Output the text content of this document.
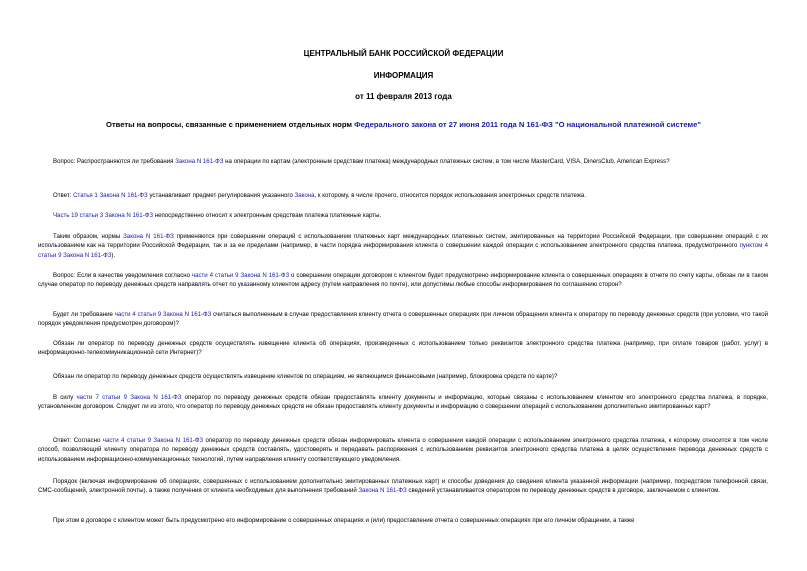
ЦЕНТРАЛЬНЫЙ БАНК РОССИЙСКОЙ ФЕДЕРАЦИИ
ИНФОРМАЦИЯ
от 11 февраля 2013 года
Ответы на вопросы, связанные с применением отдельных норм Федерального закона от 27 июня 2011 года N 161-ФЗ "О национальной платежной системе"
Вопрос: Распространяются ли требования Закона N 161-ФЗ на операции по картам (электронным средствам платежа) международных платежных систем, в том числе MasterCard, VISA, DinersClub, American Express?
Ответ: Статья 1 Закона N 161-ФЗ устанавливает предмет регулирования указанного Закона, к которому, в числе прочего, относится порядок использования электронных средств платежа.
Часть 19 статьи 3 Закона N 161-ФЗ непосредственно относит к электронным средствам платежа платежные карты.
Таким образом, нормы Закона N 161-ФЗ применяются при совершении операций с использованием платежных карт международных платежных систем, эмитированных на территории Российской Федерации, при совершении операций с их использованием как на территории Российской Федерации, так и за ее пределами (например, в части порядка информирования клиента о совершении каждой операции с использованием электронного средства платежа, предусмотренного пунктом 4 статьи 9 Закона N 161-ФЗ).
Вопрос: Если в качестве уведомления согласно части 4 статьи 9 Закона N 161-ФЗ о совершении операции договором с клиентом будет предусмотрено информирование клиента о совершенных операциях в отчете по счету карты, обязан ли в таком случае оператор по переводу денежных средств направлять отчет по указанному клиентом адресу (путем направления по почте), или допустимы любые способы информирования по соглашению сторон?
Будет ли требование части 4 статьи 9 Закона N 161-ФЗ считаться выполненным в случае предоставления клиенту отчета о совершенных операциях при личном обращении клиента к оператору по переводу денежных средств (при условии, что такой порядок уведомления предусмотрен договором)?
Обязан ли оператор по переводу денежных средств осуществлять извещение клиента об операциях, произведенных с использованием только реквизитов электронного средства платежа (например, при оплате товаров (работ, услуг) в информационно-телекоммуникационной сети Интернет)?
Обязан ли оператор по переводу денежных средств осуществлять извещение клиентов по операциям, не являющимся финансовыми (например, блокировка средств по карте)?
В силу части 7 статьи 9 Закона N 161-ФЗ оператор по переводу денежных средств обязан предоставлять клиенту документы и информацию, которые связаны с использованием клиентом его электронного средства платежа, в порядке, установленном договором. Следует ли из этого, что оператор по переводу денежных средств не обязан предоставлять клиенту документы и информацию о совершении операций с использованием дополнительно эмитированных карт?
Ответ: Согласно части 4 статьи 9 Закона N 161-ФЗ оператор по переводу денежных средств обязан информировать клиента о совершении каждой операции с использованием электронного средства платежа, к которому относится в том числе способ, позволяющий клиенту оператора по переводу денежных средств составлять, удостоверять и передавать распоряжения с использованием реквизитов электронного средства платежа в целях осуществления перевода денежных средств с использованием информационно-коммуникационных технологий, путем направления клиенту соответствующего уведомления.
Порядок (включая информирование об операциях, совершенных с использованием дополнительно эмитированных платежных карт) и способы доведения до сведения клиента указанной информации (например, посредством телефонной связи, СМС-сообщений, электронной почты), а также получения от клиента необходимых для выполнения требований Закона N 161-ФЗ сведений устанавливается оператором по переводу денежных средств в договоре, заключаемом с клиентом.
При этом в договоре с клиентом может быть предусмотрено его информирование о совершенных операциях и (или) предоставление отчета о совершенных операциях при его личном обращении, а также
